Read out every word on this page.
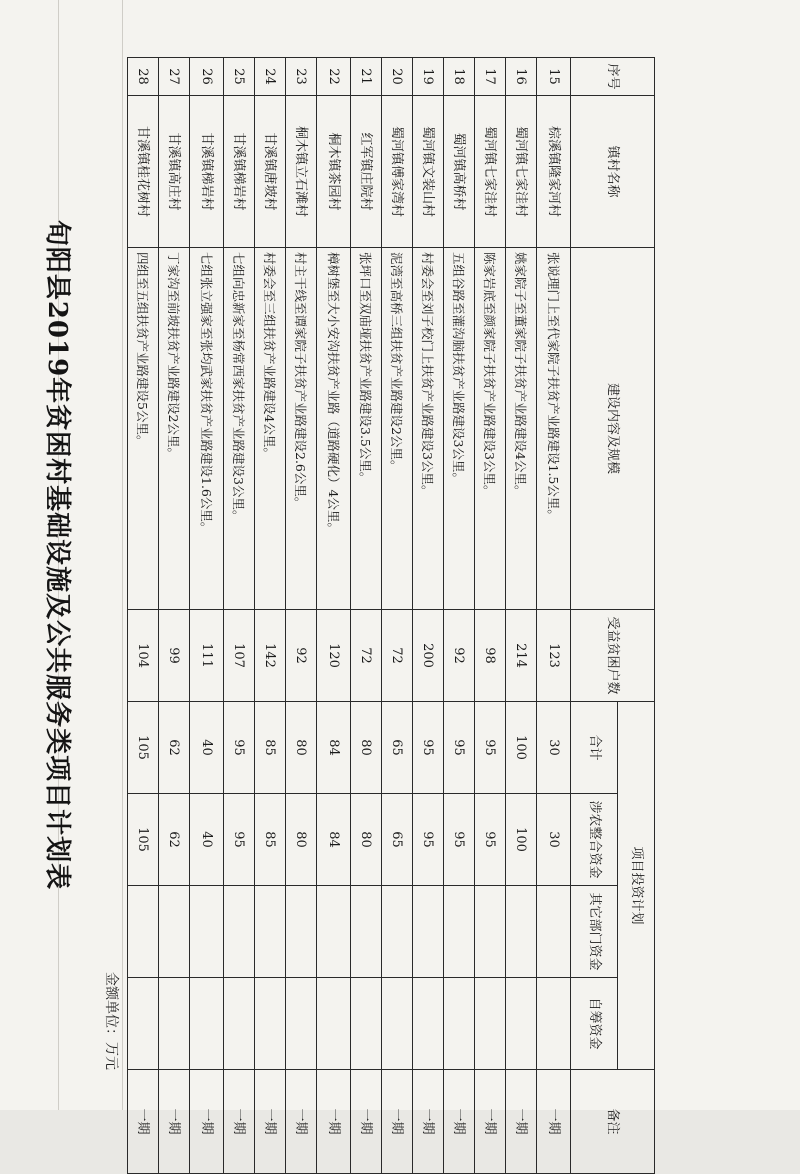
旬阳县2019年贫困村基础设施及公共服务类项目计划表
金额单位：万元
序号	镇村名称	建设内容及规模	受益贫困户数	项目投资计划				备注
				合计	涉农整合资金	其它部门资金	自筹资金	
15	棕溪镇隆家河村	张说理门上至代家院子扶贫产业路建设1.5公里。	123	30	30			一期
16	蜀河镇七家洼村	姚家院子至董家院子扶贫产业路建设4公里。	214	100	100			一期
17	蜀河镇七家洼村	陈家岩底至颜家院子扶贫产业路建设3公里。	98	95	95			一期
18	蜀河镇高桥村	五组谷路至灌沟脑扶贫产业路建设3公里。	92	95	95			一期
19	蜀河镇文装山村	村委会至刘子校门上扶贫产业路建设3公里。	200	95	95			一期
20	蜀河镇傅家湾村	泥湾至高桥三组扶贫产业路建设2公里。	72	65	65			一期
21	红军镇庄院村	张坪口至双庙垭扶贫产业路建设3.5公里。	72	80	80			一期
22	桐木镇茶园村	樟树堡至大小安沟扶贫产业路（道路硬化）4公里。	120	84	84			一期
23	桐木镇立石滩村	村主干线至谭家院子扶贫产业路建设2.6公里。	92	80	80			一期
24	甘溪镇唐坡村	村委会至三组扶贫产业路建设4公里。	142	85	85			一期
25	甘溪镇梯岩村	七组向忠新家至杨常西家扶贫产业路建设3公里。	107	95	95			一期
26	甘溪镇梯岩村	七组张立强家至张均武家扶贫产业路建设1.6公里。	111	40	40			一期
27	甘溪镇高庄村	丁家沟至前坡扶贫产业路建设2公里。	99	62	62			一期
28	甘溪镇桂花树村	四组至五组扶贫产业路建设5公里。	104	105	105			一期
